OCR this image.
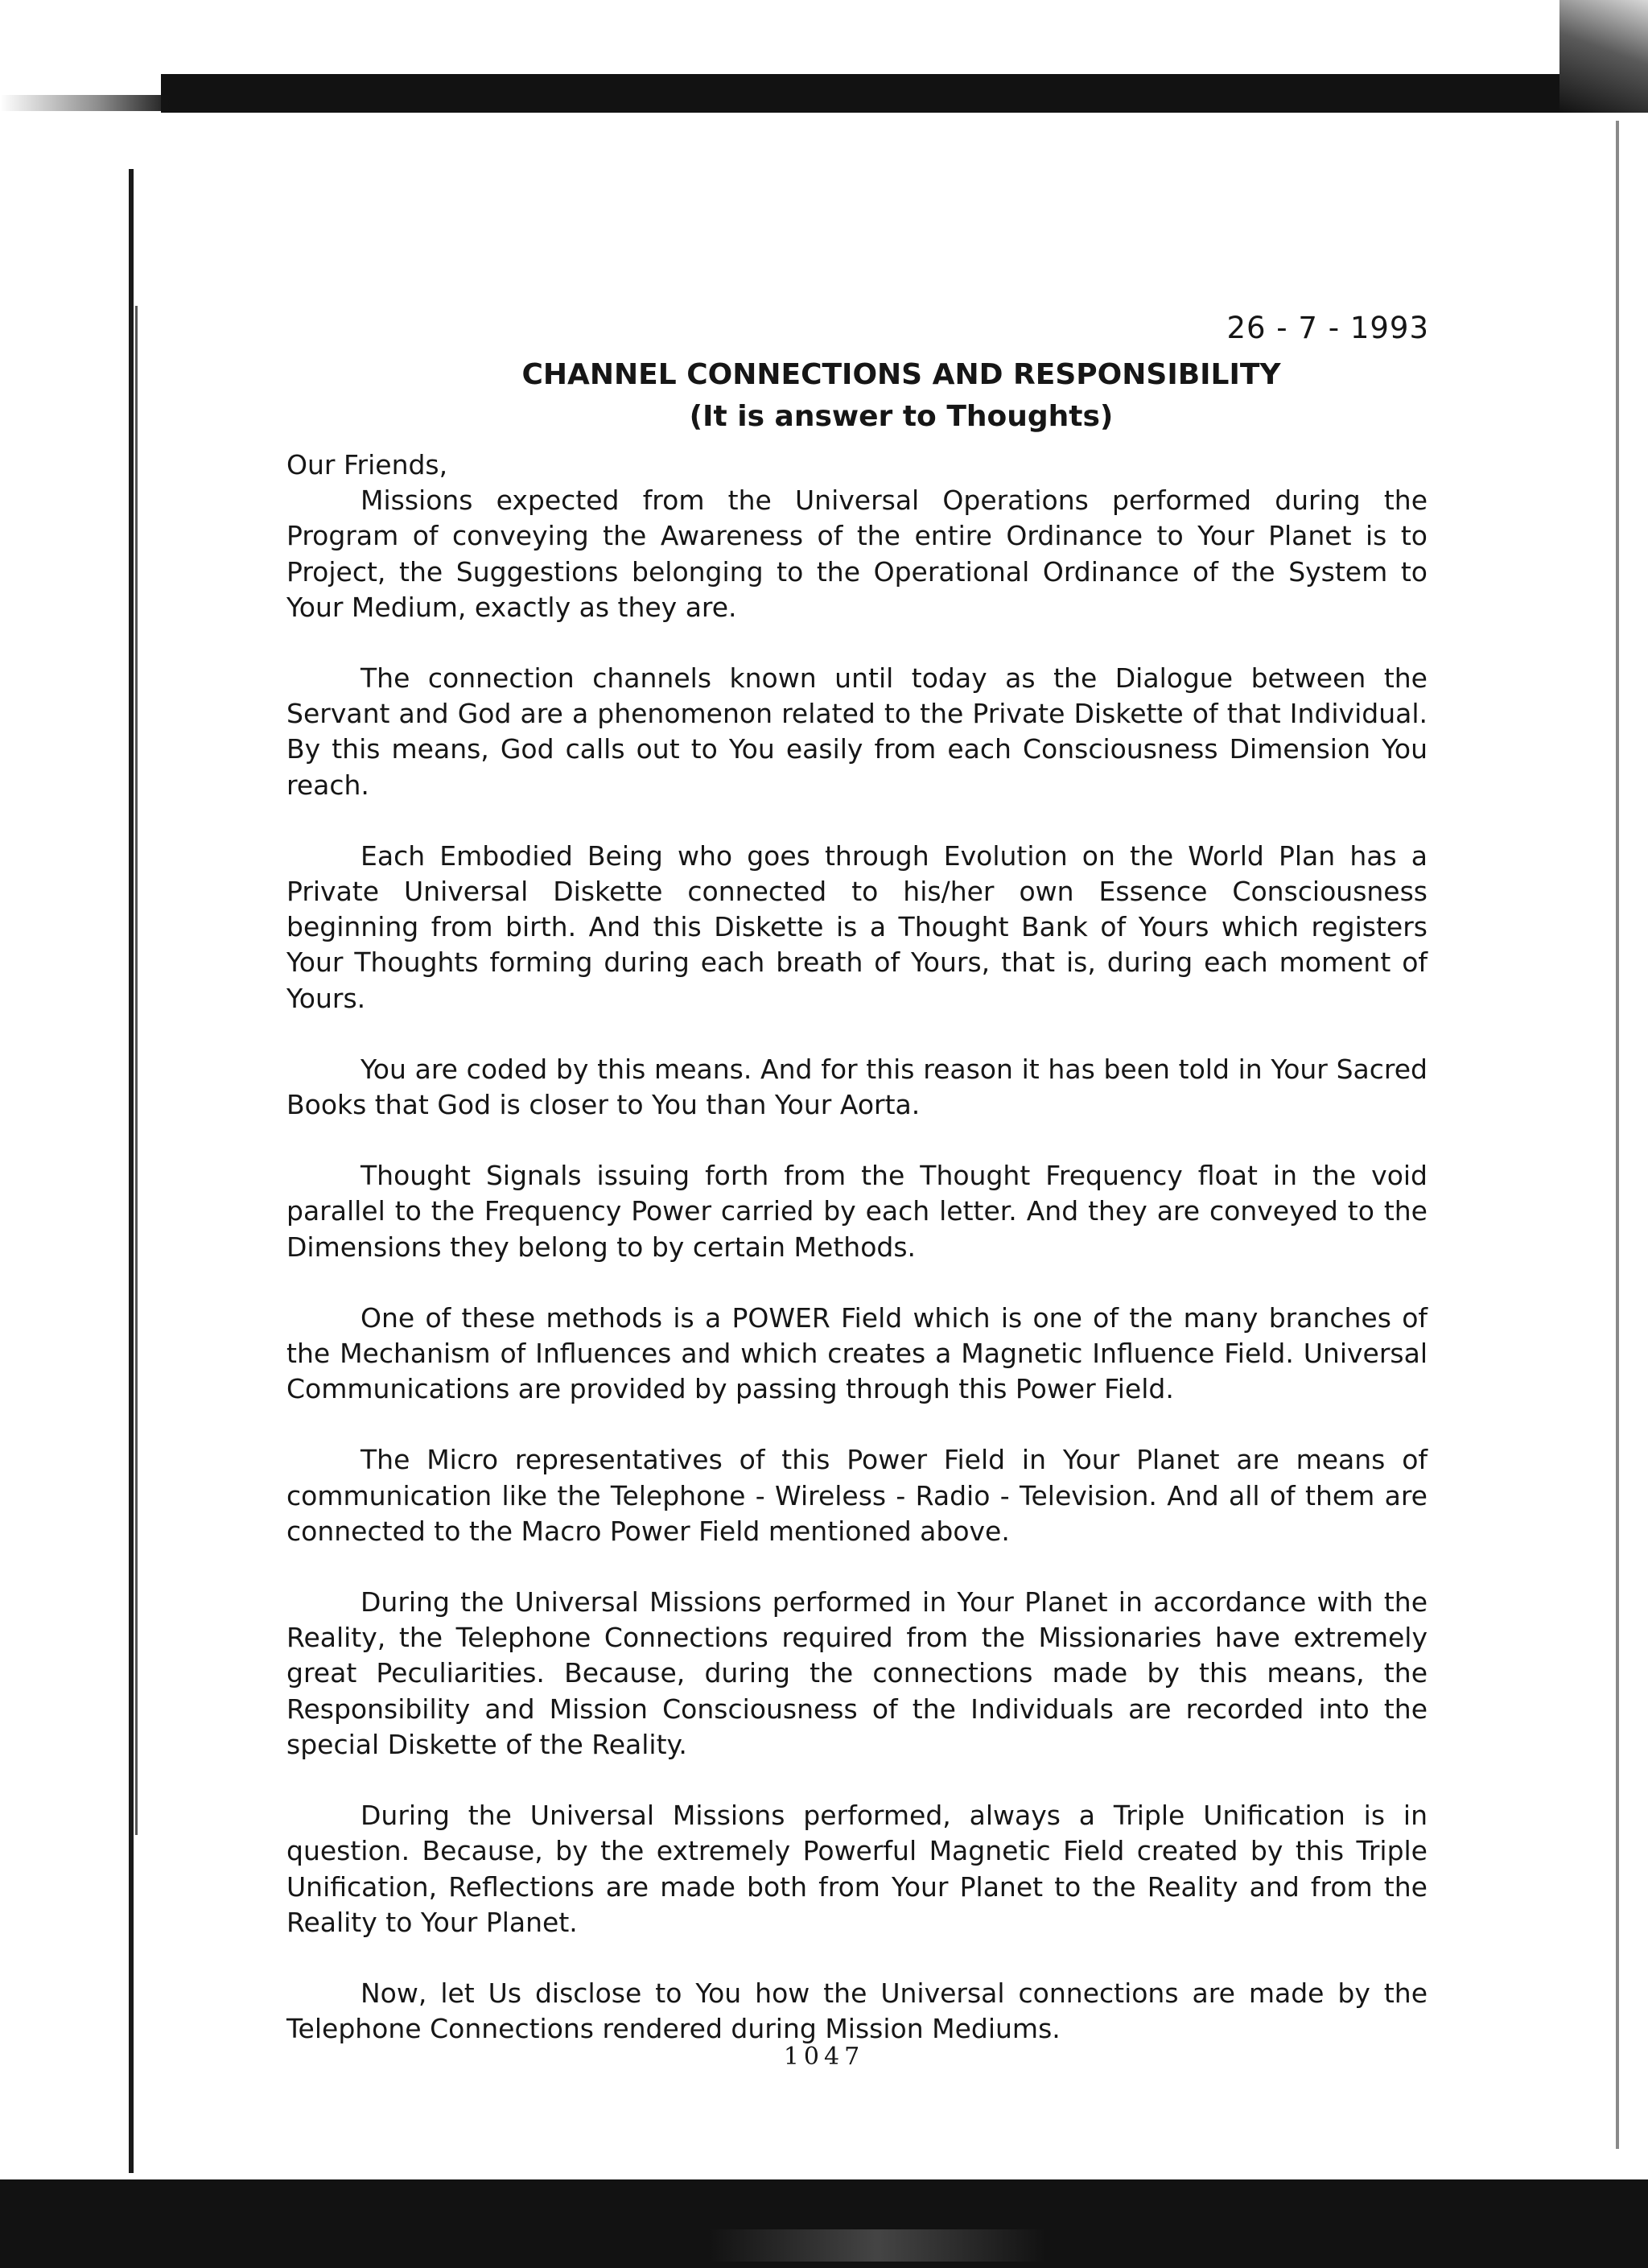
26 - 7 - 1993
CHANNEL CONNECTIONS AND RESPONSIBILITY
(It is answer to Thoughts)

Our Friends,

Missions expected from the Universal Operations performed during the Program of conveying the Awareness of the entire Ordinance to Your Planet is to Project, the Suggestions belonging to the Operational Ordinance of the System to Your Medium, exactly as they are.

The connection channels known until today as the Dialogue between the Servant and God are a phenomenon related to the Private Diskette of that Individual. By this means, God calls out to You easily from each Consciousness Dimension You reach.

Each Embodied Being who goes through Evolution on the World Plan has a Private Universal Diskette connected to his/her own Essence Consciousness beginning from birth. And this Diskette is a Thought Bank of Yours which registers Your Thoughts forming during each breath of Yours, that is, during each moment of Yours.

You are coded by this means. And for this reason it has been told in Your Sacred Books that God is closer to You than Your Aorta.

Thought Signals issuing forth from the Thought Frequency float in the void parallel to the Frequency Power carried by each letter. And they are conveyed to the Dimensions they belong to by certain Methods.

One of these methods is a POWER Field which is one of the many branches of the Mechanism of Influences and which creates a Magnetic Influence Field. Universal Communications are provided by passing through this Power Field.

The Micro representatives of this Power Field in Your Planet are means of communication like the Telephone - Wireless - Radio - Television. And all of them are connected to the Macro Power Field mentioned above.

During the Universal Missions performed in Your Planet in accordance with the Reality, the Telephone Connections required from the Missionaries have extremely great Peculiarities. Because, during the connections made by this means, the Responsibility and Mission Consciousness of the Individuals are recorded into the special Diskette of the Reality.

During the Universal Missions performed, always a Triple Unification is in question. Because, by the extremely Powerful Magnetic Field created by this Triple Unification, Reflections are made both from Your Planet to the Reality and from the Reality to Your Planet.

Now, let Us disclose to You how the Universal connections are made by the Telephone Connections rendered during Mission Mediums.

1047
